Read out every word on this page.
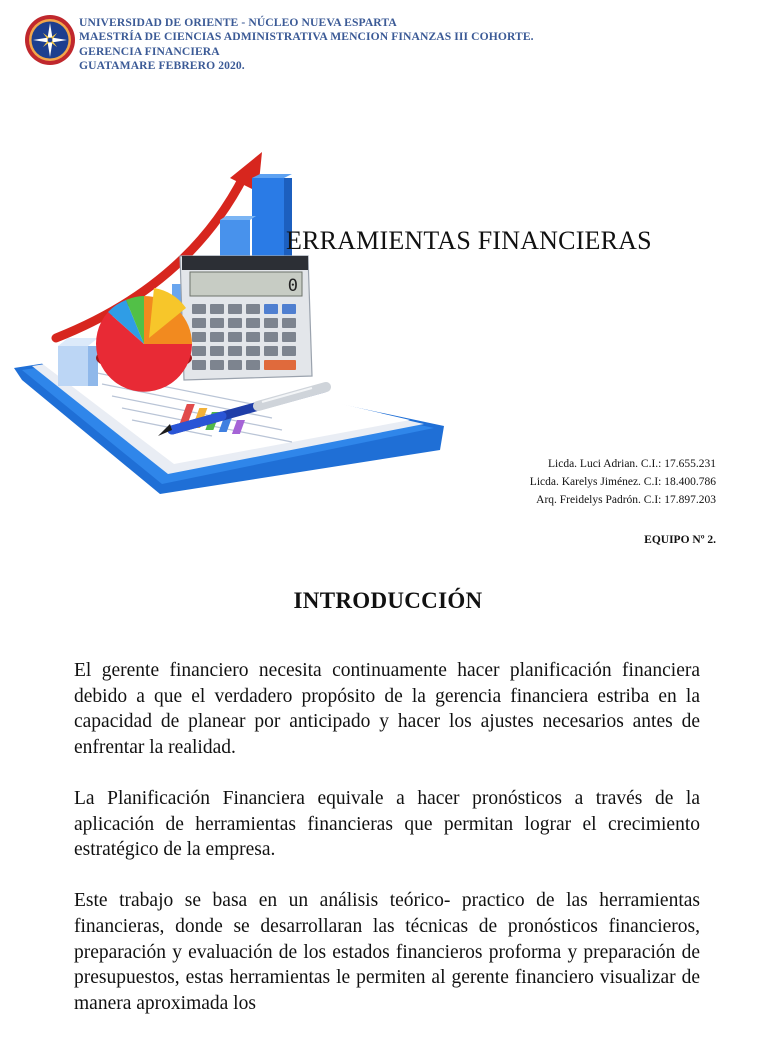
UNIVERSIDAD DE ORIENTE - NÚCLEO NUEVA ESPARTA
MAESTRÍA DE CIENCIAS ADMINISTRATIVA MENCION FINANZAS III COHORTE.
GERENCIA FINANCIERA
GUATAMARE FEBRERO 2020.
0
ERRAMIENTAS FINANCIERAS
Licda. Luci Adrian. C.I.: 17.655.231
Licda. Karelys Jiménez. C.I: 18.400.786
Arq. Freidelys Padrón. C.I: 17.897.203
EQUIPO Nº 2.
INTRODUCCIÓN

El gerente financiero necesita continuamente hacer planificación financiera debido a que el verdadero propósito de la gerencia financiera estriba en la capacidad de planear por anticipado y hacer los ajustes necesarios antes de enfrentar la realidad.

La Planificación Financiera equivale a hacer pronósticos a través de la aplicación de herramientas financieras que permitan lograr el crecimiento estratégico de la empresa.

Este trabajo se basa en un análisis teórico- practico de las herramientas financieras, donde se desarrollaran las técnicas de pronósticos financieros, preparación y evaluación de los estados financieros proforma y preparación de presupuestos, estas herramientas le permiten al gerente financiero visualizar de manera aproximada los
